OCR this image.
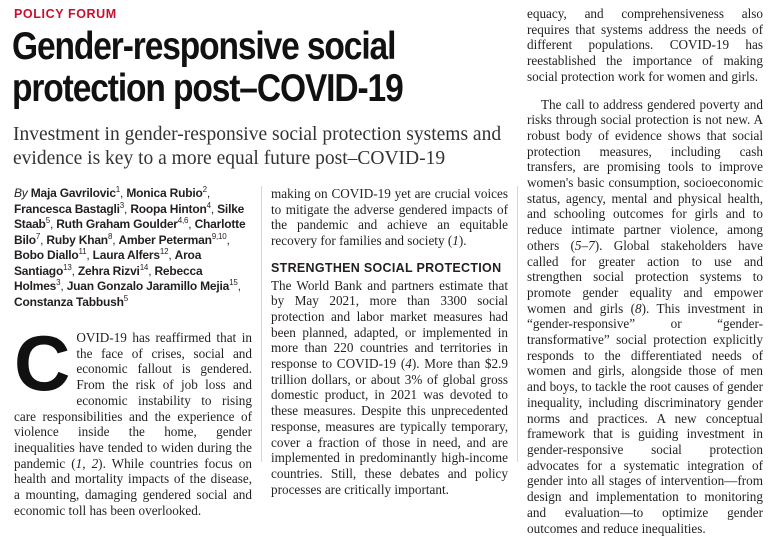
POLICY FORUM
Gender-responsive social protection post–COVID-19

Investment in gender-responsive social protection systems and evidence is key to a more equal future post–COVID-19

By Maja Gavrilovic$^1$, Monica Rubio$^2$, Francesca Bastagli$^3$, Roopa Hinton$^4$, Silke Staab$^5$, Ruth Graham Goulder$^{4,6}$, Charlotte Bilo$^7$, Ruby Khan$^8$, Amber Peterman$^{9,10}$, Bobo Diallo$^{11}$, Laura Alfers$^{12}$, Aroa Santiago$^{13}$, Zehra Rizvi$^{14}$, Rebecca Holmes$^3$, Juan Gonzalo Jaramillo Mejia$^{15}$, Constanza Tabbush$^5$

COVID-19 has reaffirmed that in the face of crises, social and economic fallout is gendered. From the risk of job loss and economic instability to rising care responsibilities and the experience of violence inside the home, gender inequalities have tended to widen during the pandemic (1, 2). While countries focus on health and mortality impacts of the disease, a mounting, damaging gendered social and economic toll has been overlooked.

making on COVID-19 yet are crucial voices to mitigate the adverse gendered impacts of the pandemic and achieve an equitable recovery for families and society (1).

STRENGTHEN SOCIAL PROTECTION

The World Bank and partners estimate that by May 2021, more than 3300 social protection and labor market measures had been planned, adapted, or implemented in more than 220 countries and territories in response to COVID-19 (4). More than $2.9 trillion dollars, or about 3% of global gross domestic product, in 2021 was devoted to these measures. Despite this unprecedented response, measures are typically temporary, cover a fraction of those in need, and are implemented in predominantly high-income countries. Still, these debates and policy processes are critically important.

equacy, and comprehensiveness also requires that systems address the needs of different populations. COVID-19 has reestablished the importance of making social protection work for women and girls.

The call to address gendered poverty and risks through social protection is not new. A robust body of evidence shows that social protection measures, including cash transfers, are promising tools to improve women's basic consumption, socioeconomic status, agency, mental and physical health, and schooling outcomes for girls and to reduce intimate partner violence, among others (5–7). Global stakeholders have called for greater action to use and strengthen social protection systems to promote gender equality and empower women and girls (8). This investment in “gender-responsive” or “gender-transformative” social protection explicitly responds to the differentiated needs of women and girls, alongside those of men and boys, to tackle the root causes of gender inequality, including discriminatory gender norms and practices. A new conceptual framework that is guiding investment in gender-responsive social protection advocates for a systematic integration of gender into all stages of intervention—from design and implementation to monitoring and evaluation—to optimize gender outcomes and reduce inequalities.
